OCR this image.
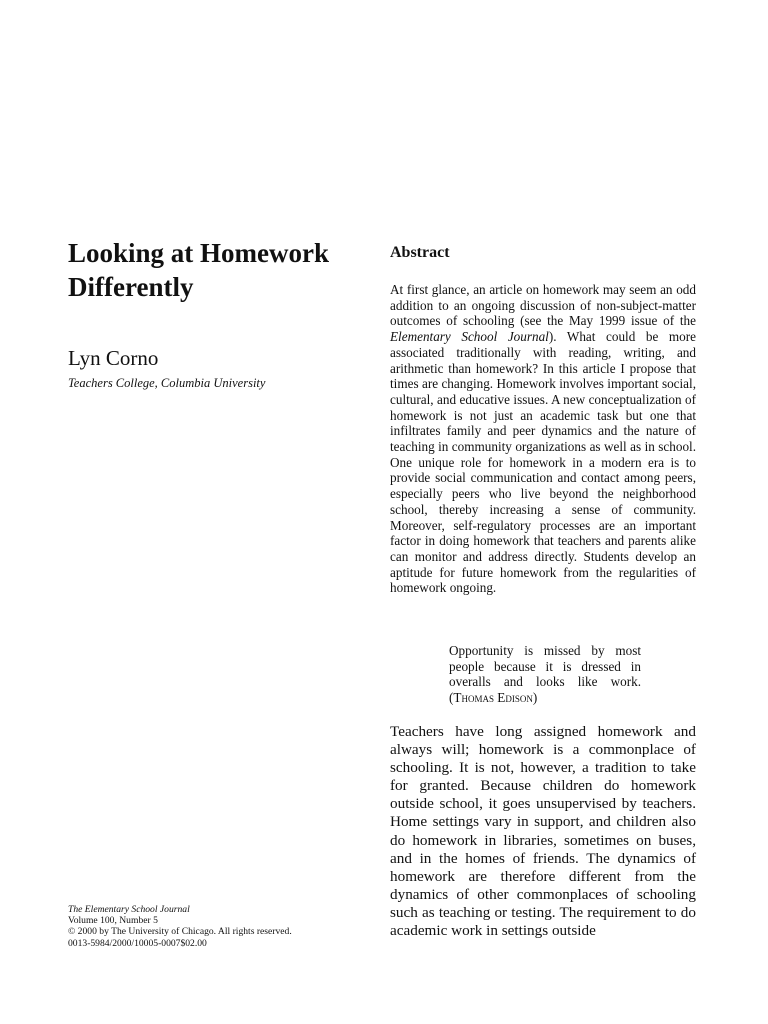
Looking at Homework Differently

Lyn Corno

Teachers College, Columbia University

Abstract

At first glance, an article on homework may seem an odd addition to an ongoing discussion of non-subject-matter outcomes of schooling (see the May 1999 issue of the Elementary School Journal). What could be more associated traditionally with reading, writing, and arithmetic than homework? In this article I propose that times are changing. Homework involves important social, cultural, and educative issues. A new conceptualization of homework is not just an academic task but one that infiltrates family and peer dynamics and the nature of teaching in community organizations as well as in school. One unique role for homework in a modern era is to provide social communication and contact among peers, especially peers who live beyond the neighborhood school, thereby increasing a sense of community. Moreover, self-regulatory processes are an important factor in doing homework that teachers and parents alike can monitor and address directly. Students develop an aptitude for future homework from the regularities of homework ongoing.

Opportunity is missed by most people because it is dressed in overalls and looks like work. (Thomas Edison)

Teachers have long assigned homework and always will; homework is a commonplace of schooling. It is not, however, a tradition to take for granted. Because children do homework outside school, it goes unsupervised by teachers. Home settings vary in support, and children also do homework in libraries, sometimes on buses, and in the homes of friends. The dynamics of homework are therefore different from the dynamics of other commonplaces of schooling such as teaching or testing. The requirement to do academic work in settings outside

The Elementary School Journal
Volume 100, Number 5
© 2000 by The University of Chicago. All rights reserved.
0013-5984/2000/10005-0007$02.00
